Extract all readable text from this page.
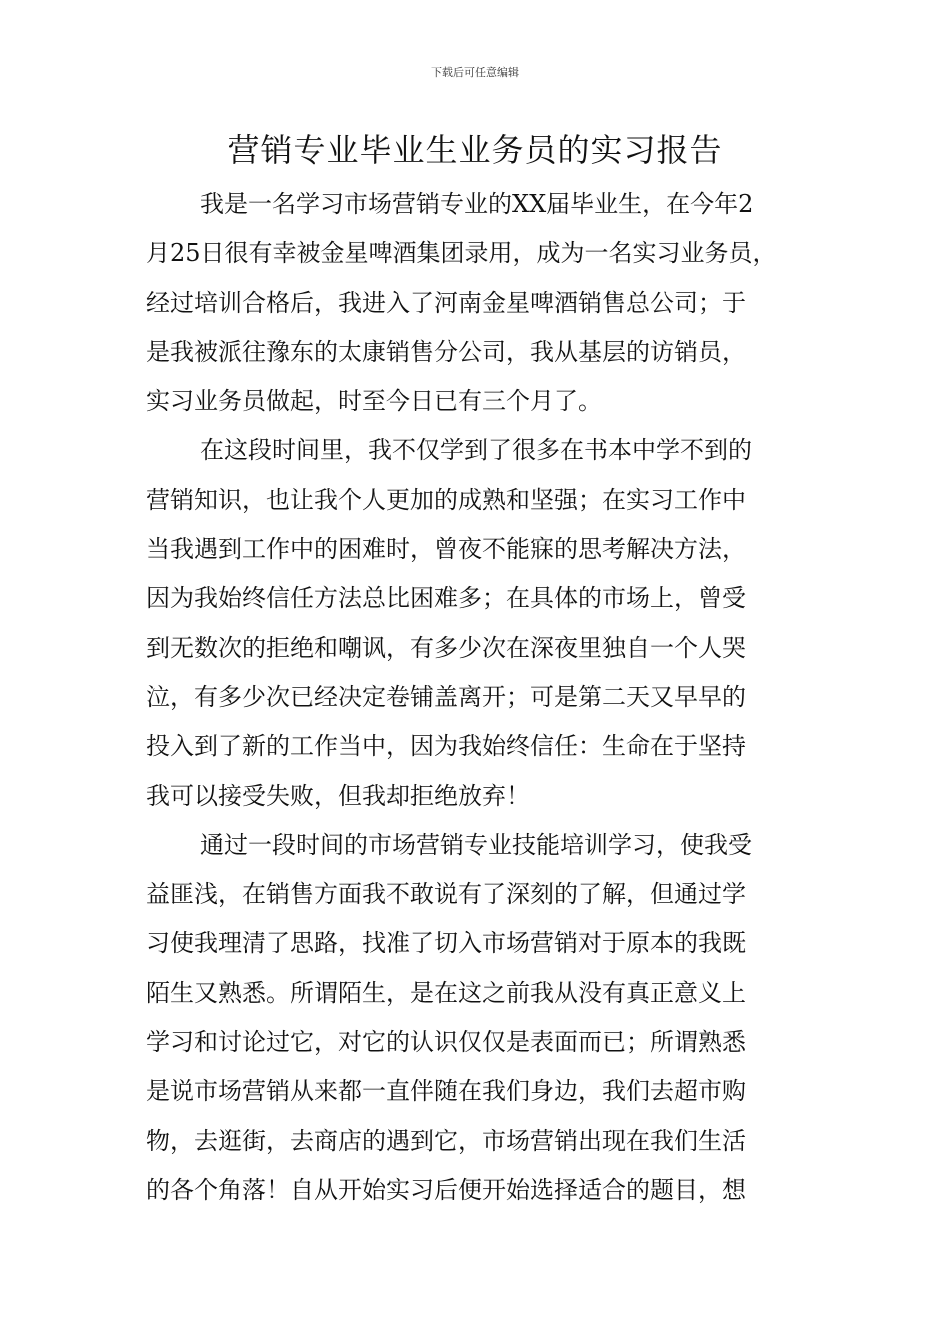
下载后可任意编辑
营销专业毕业生业务员的实习报告
我是一名学习市场营销专业的XX届毕业生，在今年2
月25日很有幸被金星啤酒集团录用，成为一名实习业务员，
经过培训合格后，我进入了河南金星啤酒销售总公司；于
是我被派往豫东的太康销售分公司，我从基层的访销员，
实习业务员做起，时至今日已有三个月了。
在这段时间里，我不仅学到了很多在书本中学不到的
营销知识，也让我个人更加的成熟和坚强；在实习工作中
当我遇到工作中的困难时，曾夜不能寐的思考解决方法，
因为我始终信任方法总比困难多；在具体的市场上，曾受
到无数次的拒绝和嘲讽，有多少次在深夜里独自一个人哭
泣，有多少次已经决定卷铺盖离开；可是第二天又早早的
投入到了新的工作当中，因为我始终信任：生命在于坚持
我可以接受失败，但我却拒绝放弃！
通过一段时间的市场营销专业技能培训学习，使我受
益匪浅，在销售方面我不敢说有了深刻的了解，但通过学
习使我理清了思路，找准了切入市场营销对于原本的我既
陌生又熟悉。所谓陌生，是在这之前我从没有真正意义上
学习和讨论过它，对它的认识仅仅是表面而已；所谓熟悉
是说市场营销从来都一直伴随在我们身边，我们去超市购
物，去逛街，去商店的遇到它，市场营销出现在我们生活
的各个角落！自从开始实习后便开始选择适合的题目，想
